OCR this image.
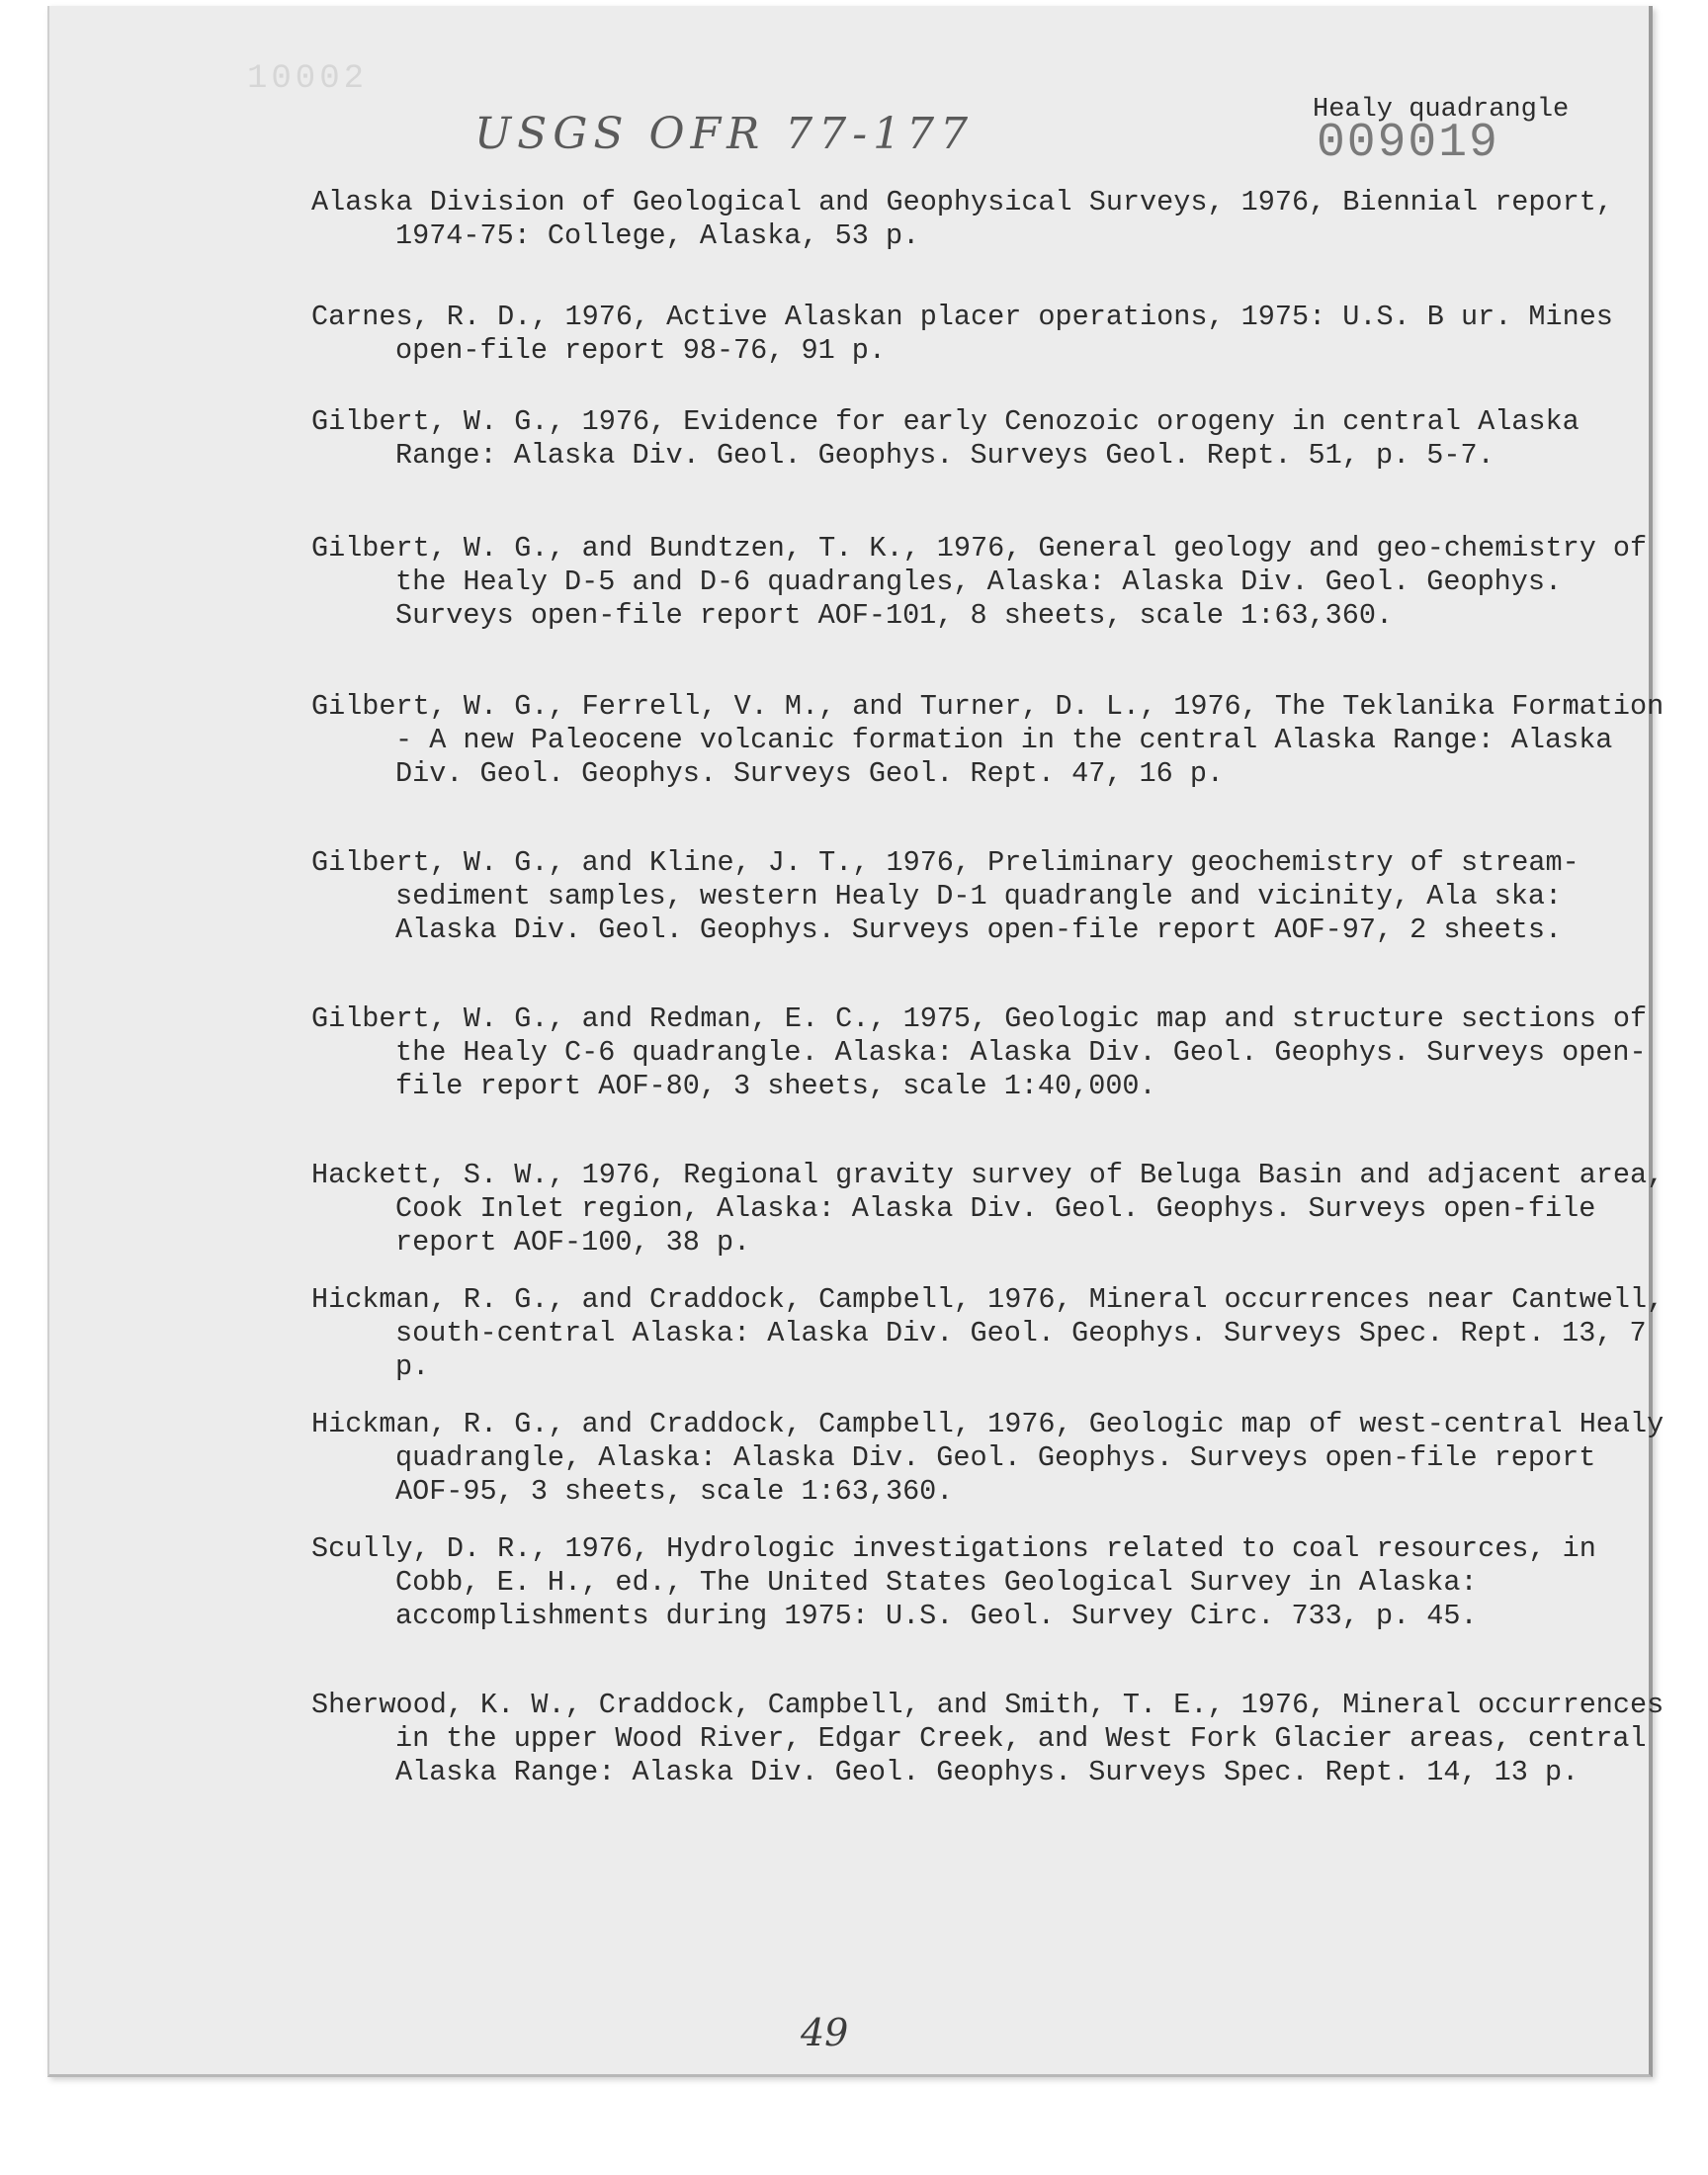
10002
USGS OFR 77-177	Healy quadrangle
009019
Alaska Division of Geological and Geophysical Surveys, 1976, Biennial report, 1974-75: College, Alaska, 53 p.
Carnes, R. D., 1976, Active Alaskan placer operations, 1975: U.S. B ur. Mines open-file report 98-76, 91 p.
Gilbert, W. G., 1976, Evidence for early Cenozoic orogeny in central Alaska Range: Alaska Div. Geol. Geophys. Surveys Geol. Rept. 51, p. 5-7.
Gilbert, W. G., and Bundtzen, T. K., 1976, General geology and geo-chemistry of the Healy D-5 and D-6 quadrangles, Alaska: Alaska Div. Geol. Geophys. Surveys open-file report AOF-101, 8 sheets, scale 1:63,360.
Gilbert, W. G., Ferrell, V. M., and Turner, D. L., 1976, The Teklanika Formation - A new Paleocene volcanic formation in the central Alaska Range: Alaska Div. Geol. Geophys. Surveys Geol. Rept. 47, 16 p.
Gilbert, W. G., and Kline, J. T., 1976, Preliminary geochemistry of stream-sediment samples, western Healy D-1 quadrangle and vicinity, Ala ska: Alaska Div. Geol. Geophys. Surveys open-file report AOF-97, 2 sheets.
Gilbert, W. G., and Redman, E. C., 1975, Geologic map and structure sections of the Healy C-6 quadrangle. Alaska: Alaska Div. Geol. Geophys. Surveys open-file report AOF-80, 3 sheets, scale 1:40,000.
Hackett, S. W., 1976, Regional gravity survey of Beluga Basin and adjacent area, Cook Inlet region, Alaska: Alaska Div. Geol. Geophys. Surveys open-file report AOF-100, 38 p.
Hickman, R. G., and Craddock, Campbell, 1976, Mineral occurrences near Cantwell, south-central Alaska: Alaska Div. Geol. Geophys. Surveys Spec. Rept. 13, 7 p.
Hickman, R. G., and Craddock, Campbell, 1976, Geologic map of west-central Healy quadrangle, Alaska: Alaska Div. Geol. Geophys. Surveys open-file report AOF-95, 3 sheets, scale 1:63,360.
Scully, D. R., 1976, Hydrologic investigations related to coal resources, in Cobb, E. H., ed., The United States Geological Survey in Alaska: accomplishments during 1975: U.S. Geol. Survey Circ. 733, p. 45.
Sherwood, K. W., Craddock, Campbell, and Smith, T. E., 1976, Mineral occurrences in the upper Wood River, Edgar Creek, and West Fork Glacier areas, central Alaska Range: Alaska Div. Geol. Geophys. Surveys Spec. Rept. 14, 13 p.
49
